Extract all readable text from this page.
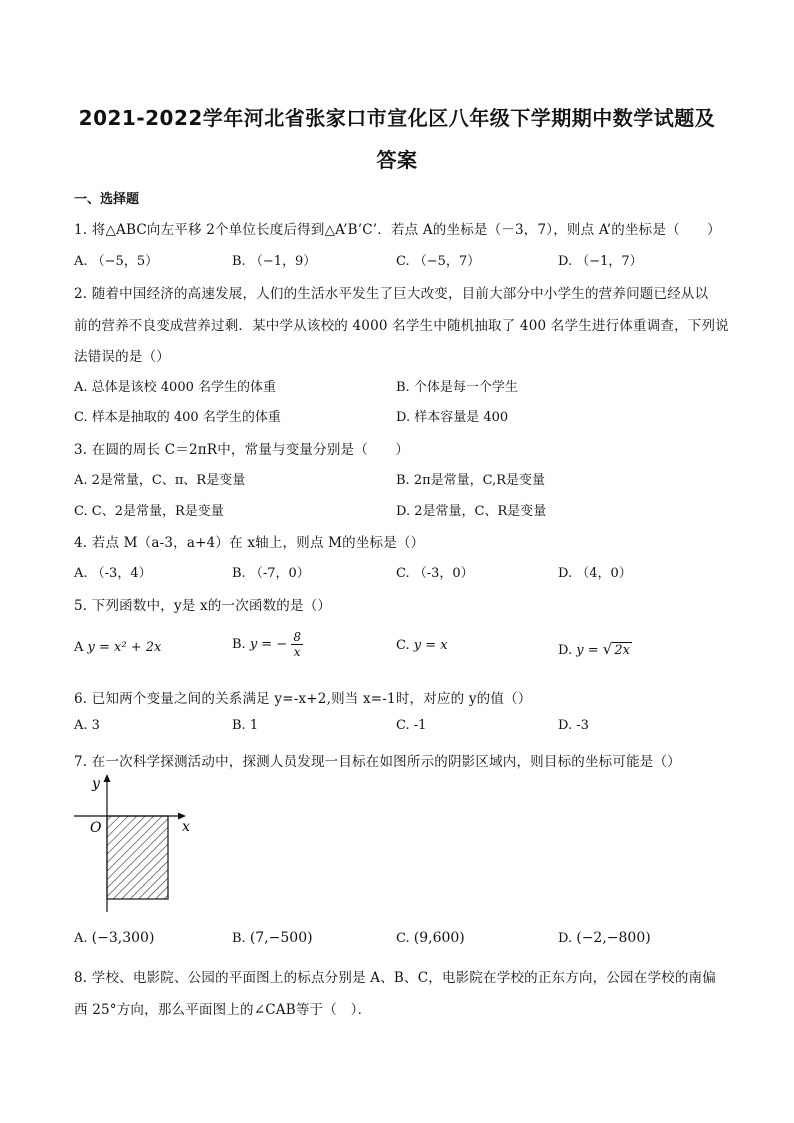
2021-2022学年河北省张家口市宣化区八年级下学期期中数学试题及
答案
一、选择题
1. 将△ABC向左平移 2个单位长度后得到△A’B’C’．若点 A的坐标是（－3，7），则点 A’的坐标是（　　）
A. （−5，5）	B. （−1，9）	C. （−5，7）	D. （−1，7）
2. 随着中国经济的高速发展，人们的生活水平发生了巨大改变，目前大部分中小学生的营养问题已经从以
前的营养不良变成营养过剩．某中学从该校的 4000 名学生中随机抽取了 400 名学生进行体重调查，下列说
法错误的是（）
A. 总体是该校 4000 名学生的体重	B. 个体是每一个学生
C. 样本是抽取的 400 名学生的体重	D. 样本容量是 400
3. 在圆的周长 C＝2πR中，常量与变量分别是（　　）
A. 2是常量，C、π、R是变量	B. 2π是常量，C,R是变量
C. C、2是常量，R是变量	D. 2是常量，C、R是变量
4. 若点 M（a-3，a+4）在 x轴上，则点 M的坐标是（）
A. （-3，4）	B. （-7，0）	C. （-3，0）	D. （4，0）
5. 下列函数中，y是 x的一次函数的是（）
A y = x² + 2x	B. y = − $\frac{8}{x}$	C. y = x	D. y = √ 2x
6. 已知两个变量之间的关系满足 y=-x+2,则当 x=-1时，对应的 y的值（）
A. 3	B. 1	C. -1	D. -3
7. 在一次科学探测活动中，探测人员发现一目标在如图所示的阴影区域内，则目标的坐标可能是（）
y
x
O
A. (−3,300)	B. (7,−500)	C. (9,600)	D. (−2,−800)
8. 学校、电影院、公园的平面图上的标点分别是 A、B、C，电影院在学校的正东方向，公园在学校的南偏
西 25°方向，那么平面图上的∠CAB等于（　）．
